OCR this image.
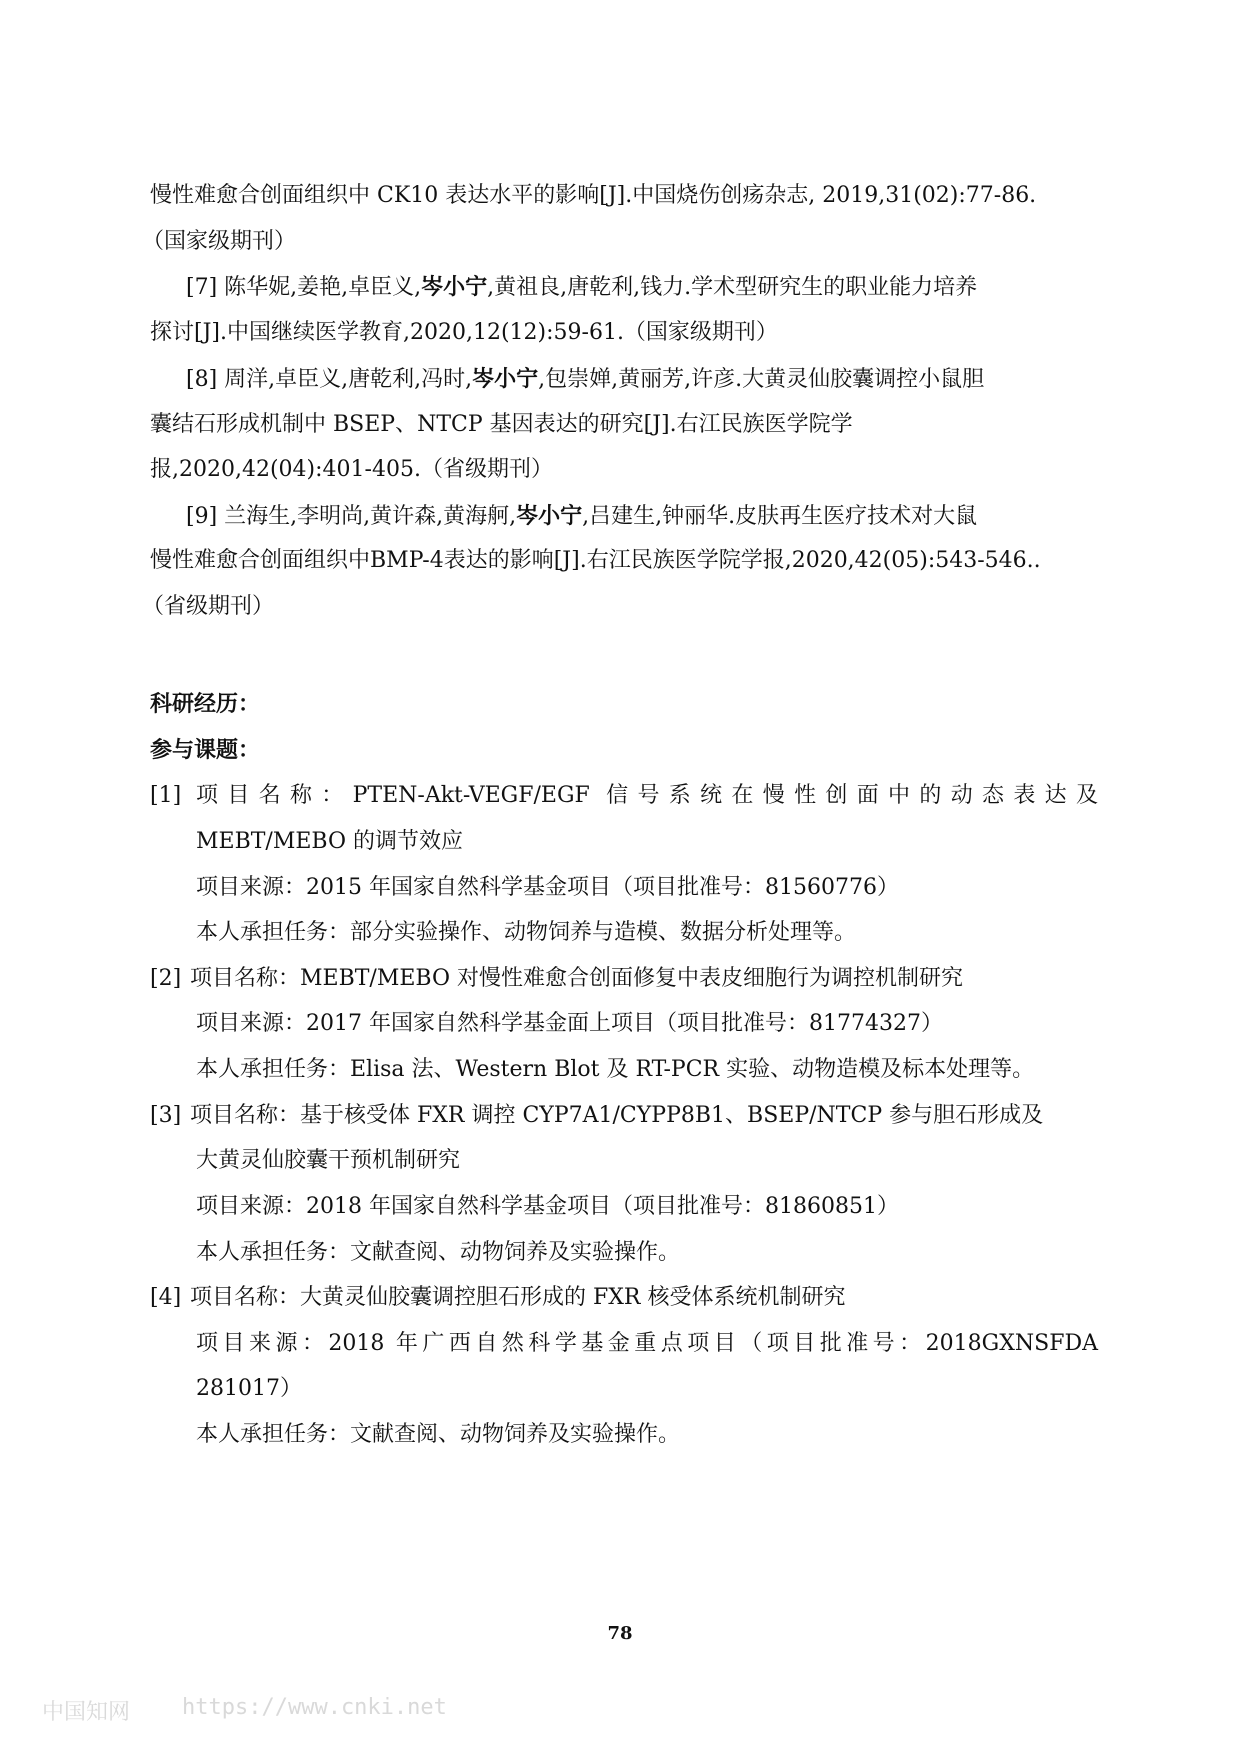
慢性难愈合创面组织中 CK10 表达水平的影响[J].中国烧伤创疡杂志, 2019,31(02):77-86.
（国家级期刊）
[7] 陈华妮,姜艳,卓臣义,岑小宁,黄祖良,唐乾利,钱力.学术型研究生的职业能力培养
探讨[J].中国继续医学教育,2020,12(12):59-61.（国家级期刊）
[8] 周洋,卓臣义,唐乾利,冯时,岑小宁,包崇婵,黄丽芳,许彦.大黄灵仙胶囊调控小鼠胆
囊结石形成机制中 BSEP、NTCP 基因表达的研究[J].右江民族医学院学
报,2020,42(04):401-405.（省级期刊）
[9] 兰海生,李明尚,黄许森,黄海舸,岑小宁,吕建生,钟丽华.皮肤再生医疗技术对大鼠
慢性难愈合创面组织中BMP-4表达的影响[J].右江民族医学院学报,2020,42(05):543-546..
（省级期刊）
科研经历：
参与课题：
[1] 项目名称：PTEN-Akt-VEGF/EGF 信号系统在慢性创面中的动态表达及
MEBT/MEBO 的调节效应
项目来源：2015 年国家自然科学基金项目（项目批准号：81560776）
本人承担任务：部分实验操作、动物饲养与造模、数据分析处理等。
[2] 项目名称：MEBT/MEBO 对慢性难愈合创面修复中表皮细胞行为调控机制研究
项目来源：2017 年国家自然科学基金面上项目（项目批准号：81774327）
本人承担任务：Elisa 法、Western Blot 及 RT-PCR 实验、动物造模及标本处理等。
[3] 项目名称：基于核受体 FXR 调控 CYP7A1/CYPP8B1、BSEP/NTCP 参与胆石形成及
大黄灵仙胶囊干预机制研究
项目来源：2018 年国家自然科学基金项目（项目批准号：81860851）
本人承担任务：文献查阅、动物饲养及实验操作。
[4] 项目名称：大黄灵仙胶囊调控胆石形成的 FXR 核受体系统机制研究
项目来源：2018 年广西自然科学基金重点项目（项目批准号：2018GXNSFDA
281017）
本人承担任务：文献查阅、动物饲养及实验操作。
78
中国知网 https://www.cnki.net
